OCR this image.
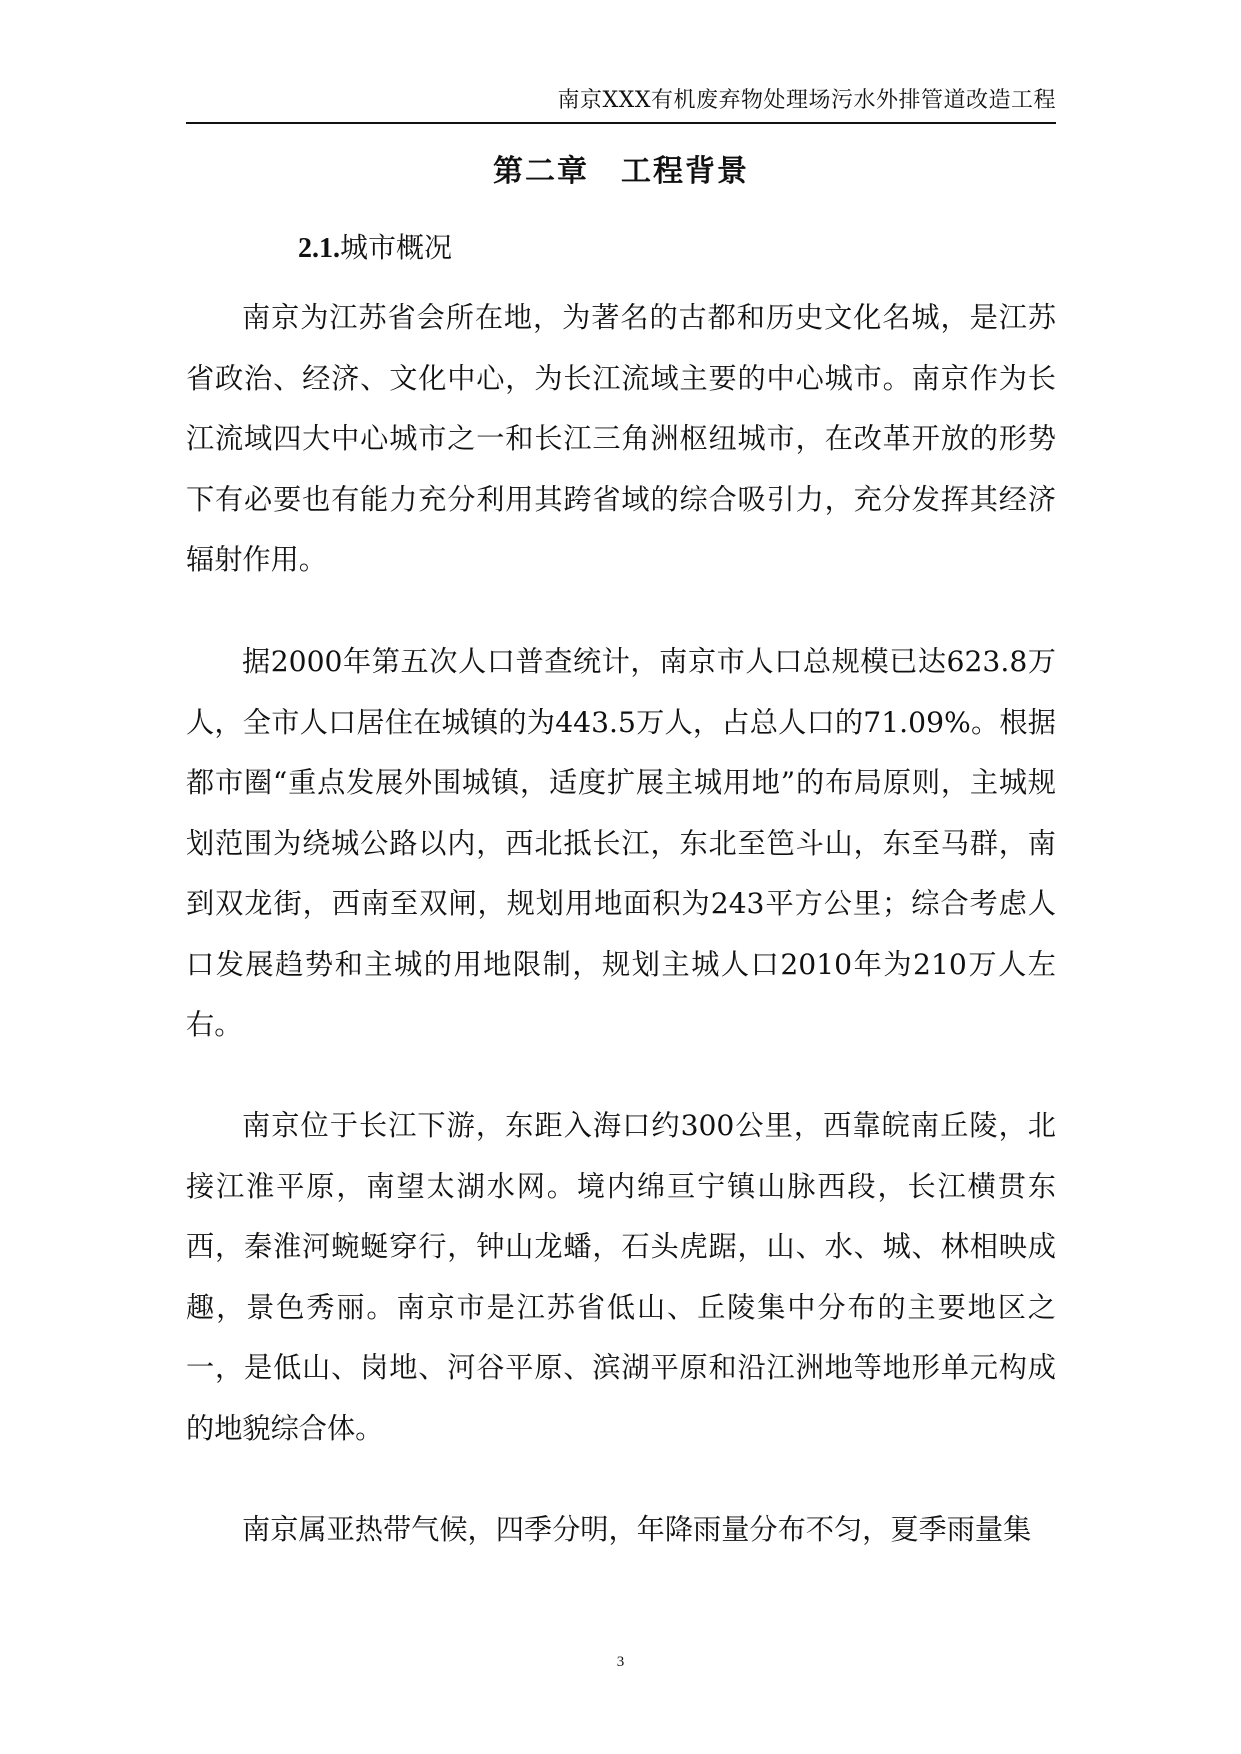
南京XXX有机废弃物处理场污水外排管道改造工程
第二章　工程背景
2.1.城市概况

南京为江苏省会所在地，为著名的古都和历史文化名城，是江苏省政治、经济、文化中心，为长江流域主要的中心城市。南京作为长江流域四大中心城市之一和长江三角洲枢纽城市，在改革开放的形势下有必要也有能力充分利用其跨省域的综合吸引力，充分发挥其经济辐射作用。

据2000年第五次人口普查统计，南京市人口总规模已达623.8万人，全市人口居住在城镇的为443.5万人，占总人口的71.09%。根据都市圈“重点发展外围城镇，适度扩展主城用地”的布局原则，主城规划范围为绕城公路以内，西北抵长江，东北至笆斗山，东至马群，南到双龙街，西南至双闸，规划用地面积为243平方公里；综合考虑人口发展趋势和主城的用地限制，规划主城人口2010年为210万人左右。

南京位于长江下游，东距入海口约300公里，西靠皖南丘陵，北接江淮平原，南望太湖水网。境内绵亘宁镇山脉西段，长江横贯东西，秦淮河蜿蜒穿行，钟山龙蟠，石头虎踞，山、水、城、林相映成趣，景色秀丽。南京市是江苏省低山、丘陵集中分布的主要地区之一，是低山、岗地、河谷平原、滨湖平原和沿江洲地等地形单元构成的地貌综合体。

南京属亚热带气候，四季分明，年降雨量分布不匀，夏季雨量集

3
